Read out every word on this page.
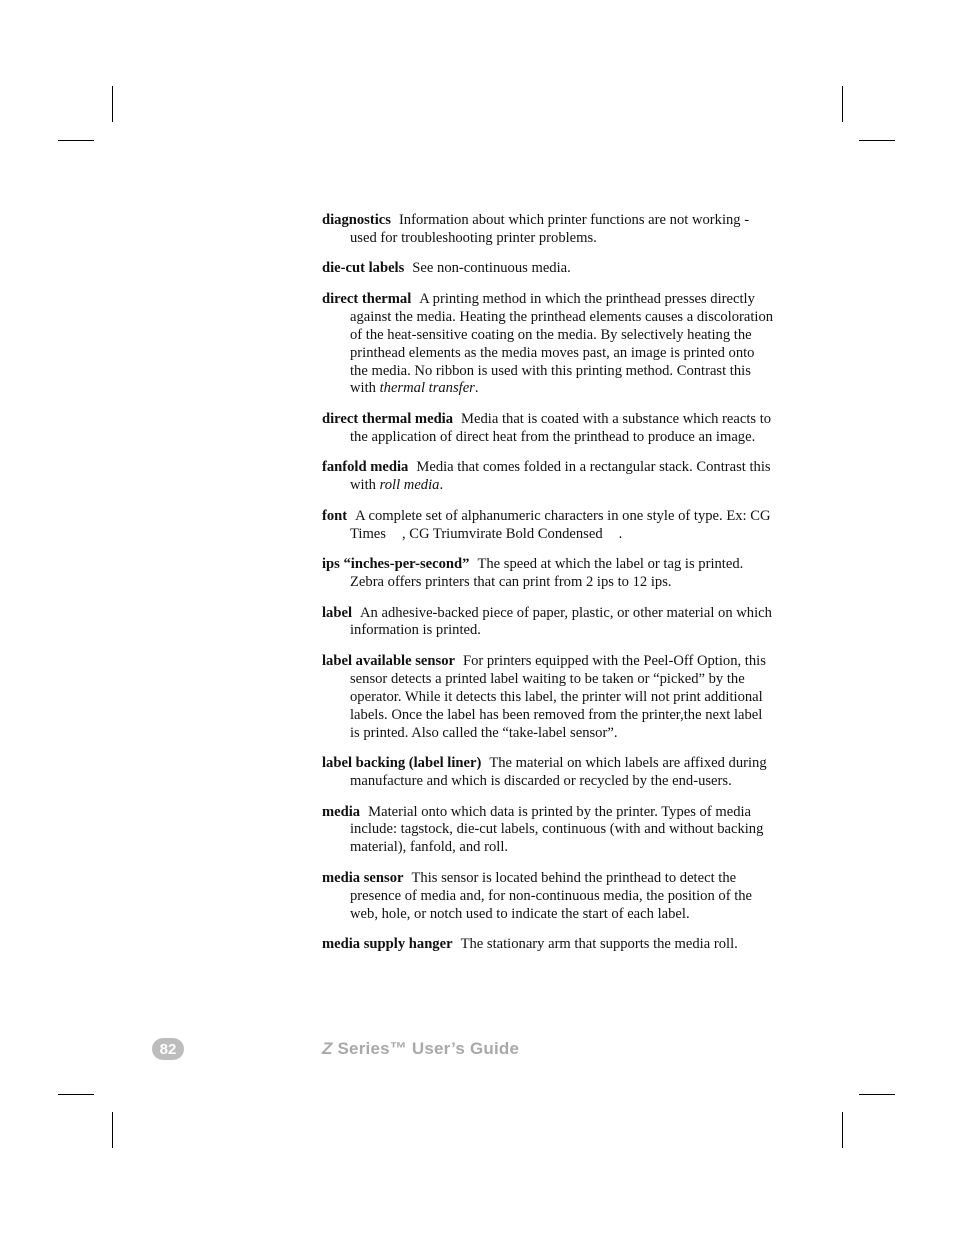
diagnostics Information about which printer functions are not working - used for troubleshooting printer problems.

die-cut labels See non-continuous media.

direct thermal A printing method in which the printhead presses directly against the media. Heating the printhead elements causes a discoloration of the heat-sensitive coating on the media. By selectively heating the printhead elements as the media moves past, an image is printed onto the media. No ribbon is used with this printing method. Contrast this with thermal transfer.

direct thermal media Media that is coated with a substance which reacts to the application of direct heat from the printhead to produce an image.

fanfold media Media that comes folded in a rectangular stack. Contrast this with roll media.

font A complete set of alphanumeric characters in one style of type. Ex: CG Times , CG Triumvirate Bold Condensed .

ips “inches-per-second” The speed at which the label or tag is printed. Zebra offers printers that can print from 2 ips to 12 ips.

label An adhesive-backed piece of paper, plastic, or other material on which information is printed.

label available sensor For printers equipped with the Peel-Off Option, this sensor detects a printed label waiting to be taken or “picked” by the operator. While it detects this label, the printer will not print additional labels. Once the label has been removed from the printer,the next label is printed. Also called the “take-label sensor”.

label backing (label liner) The material on which labels are affixed during manufacture and which is discarded or recycled by the end-users.

media Material onto which data is printed by the printer. Types of media include: tagstock, die-cut labels, continuous (with and without backing material), fanfold, and roll.

media sensor This sensor is located behind the printhead to detect the presence of media and, for non-continuous media, the position of the web, hole, or notch used to indicate the start of each label.

media supply hanger The stationary arm that supports the media roll.

82	Z Series™ User’s Guide
